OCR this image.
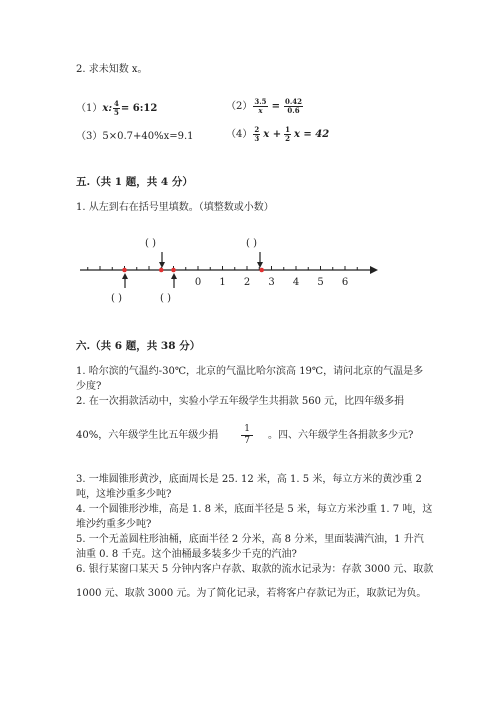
2. 求未知数 x。
（1）x: $\frac{4}{5}$ = 6:12	$(2) \frac{3.5}{x} = \frac{0.42}{0.6}$
（3）5×0.7+40%x=9.1	$(4) \frac{2}{3}$ $x + \frac{1}{2}$ x = 42
五.（共 1 题，共 4 分）
1. 从左到右在括号里填数。（填整数或小数）
( )	( )
( )	( )
0 1 2 3 4 5 6
六.（共 6 题，共 38 分）
1. 哈尔滨的气温约-30℃，北京的气温比哈尔滨高 19℃，请问北京的气温是多
少度?
2. 在一次捐款活动中，实验小学五年级学生共捐款 560 元，比四年级多捐
40%，六年级学生比五年级少捐	$\frac{1}{7}$ 。四、六年级学生各捐款多少元?
3. 一堆圆锥形黄沙，底面周长是 25. 12 米，高 1. 5 米，每立方米的黄沙重 2
吨，这堆沙重多少吨?
4. 一个圆锥形沙堆，高是 1. 8 米，底面半径是 5 米，每立方米沙重 1. 7 吨，这
堆沙约重多少吨?
5. 一个无盖圆柱形油桶，底面半径 2 分米，高 8 分米，里面装满汽油，1 升汽
油重 0. 8 千克。这个油桶最多装多少千克的汽油?
6. 银行某窗口某天 5 分钟内客户存款、取款的流水记录为：存款 3000 元、取款
1000 元、取款 3000 元。为了简化记录，若将客户存款记为正，取款记为负。
